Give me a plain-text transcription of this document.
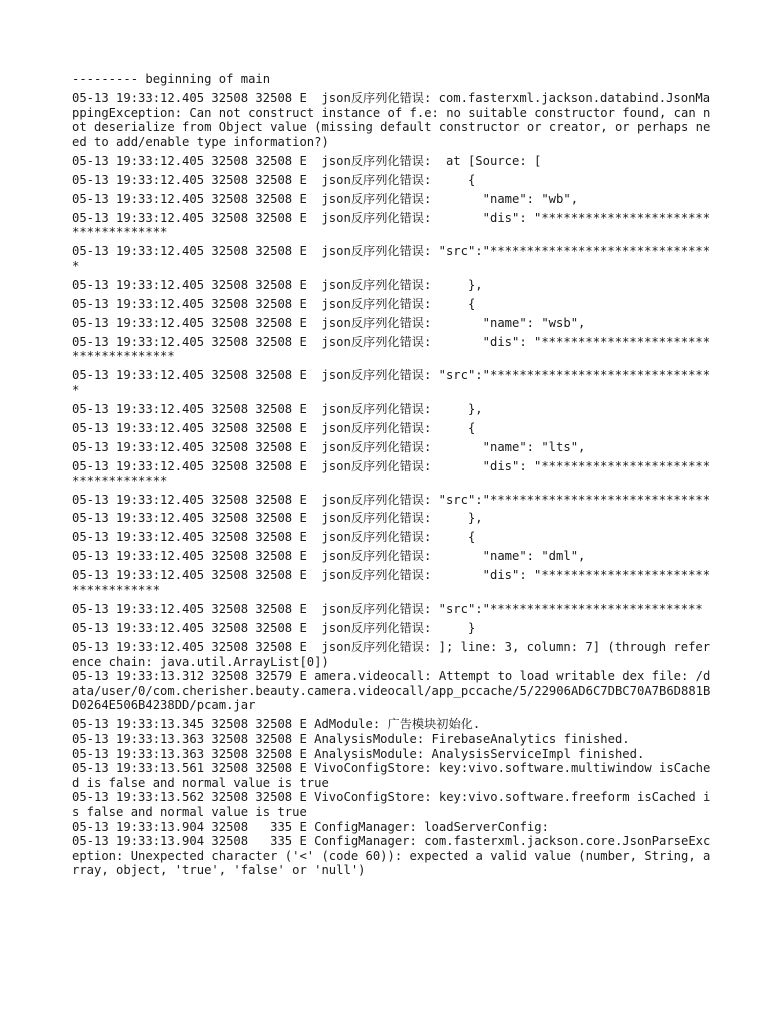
--------- beginning of main

05-13 19:33:12.405 32508 32508 E  json反序列化错误: com.fasterxml.jackson.databind.JsonMappingException: Can not construct instance of f.e: no suitable constructor found, can not deserialize from Object value (missing default constructor or creator, or perhaps need to add/enable type information?)

05-13 19:33:12.405 32508 32508 E  json反序列化错误:  at [Source: [

05-13 19:33:12.405 32508 32508 E  json反序列化错误:     {

05-13 19:33:12.405 32508 32508 E  json反序列化错误:       "name": "wb",

05-13 19:33:12.405 32508 32508 E  json反序列化错误:       "dis": "************************************

05-13 19:33:12.405 32508 32508 E  json反序列化错误: "src":"*******************************

05-13 19:33:12.405 32508 32508 E  json反序列化错误:     },

05-13 19:33:12.405 32508 32508 E  json反序列化错误:     {

05-13 19:33:12.405 32508 32508 E  json反序列化错误:       "name": "wsb",

05-13 19:33:12.405 32508 32508 E  json反序列化错误:       "dis": "*************************************

05-13 19:33:12.405 32508 32508 E  json反序列化错误: "src":"*******************************

05-13 19:33:12.405 32508 32508 E  json反序列化错误:     },

05-13 19:33:12.405 32508 32508 E  json反序列化错误:     {

05-13 19:33:12.405 32508 32508 E  json反序列化错误:       "name": "lts",

05-13 19:33:12.405 32508 32508 E  json反序列化错误:       "dis": "************************************

05-13 19:33:12.405 32508 32508 E  json反序列化错误: "src":"******************************

05-13 19:33:12.405 32508 32508 E  json反序列化错误:     },

05-13 19:33:12.405 32508 32508 E  json反序列化错误:     {

05-13 19:33:12.405 32508 32508 E  json反序列化错误:       "name": "dml",

05-13 19:33:12.405 32508 32508 E  json反序列化错误:       "dis": "***********************************

05-13 19:33:12.405 32508 32508 E  json反序列化错误: "src":"*****************************

05-13 19:33:12.405 32508 32508 E  json反序列化错误:     }

05-13 19:33:12.405 32508 32508 E  json反序列化错误: ]; line: 3, column: 7] (through reference chain: java.util.ArrayList[0])

05-13 19:33:13.312 32508 32579 E amera.videocall: Attempt to load writable dex file: /data/user/0/com.cherisher.beauty.camera.videocall/app_pccache/5/22906AD6C7DBC70A7B6D881BD0264E506B4238DD/pcam.jar

05-13 19:33:13.345 32508 32508 E AdModule: 广告模块初始化.

05-13 19:33:13.363 32508 32508 E AnalysisModule: FirebaseAnalytics finished.

05-13 19:33:13.363 32508 32508 E AnalysisModule: AnalysisServiceImpl finished.

05-13 19:33:13.561 32508 32508 E VivoConfigStore: key:vivo.software.multiwindow isCached is false and normal value is true

05-13 19:33:13.562 32508 32508 E VivoConfigStore: key:vivo.software.freeform isCached is false and normal value is true

05-13 19:33:13.904 32508   335 E ConfigManager: loadServerConfig:

05-13 19:33:13.904 32508   335 E ConfigManager: com.fasterxml.jackson.core.JsonParseException: Unexpected character ('<' (code 60)): expected a valid value (number, String, array, object, 'true', 'false' or 'null')
